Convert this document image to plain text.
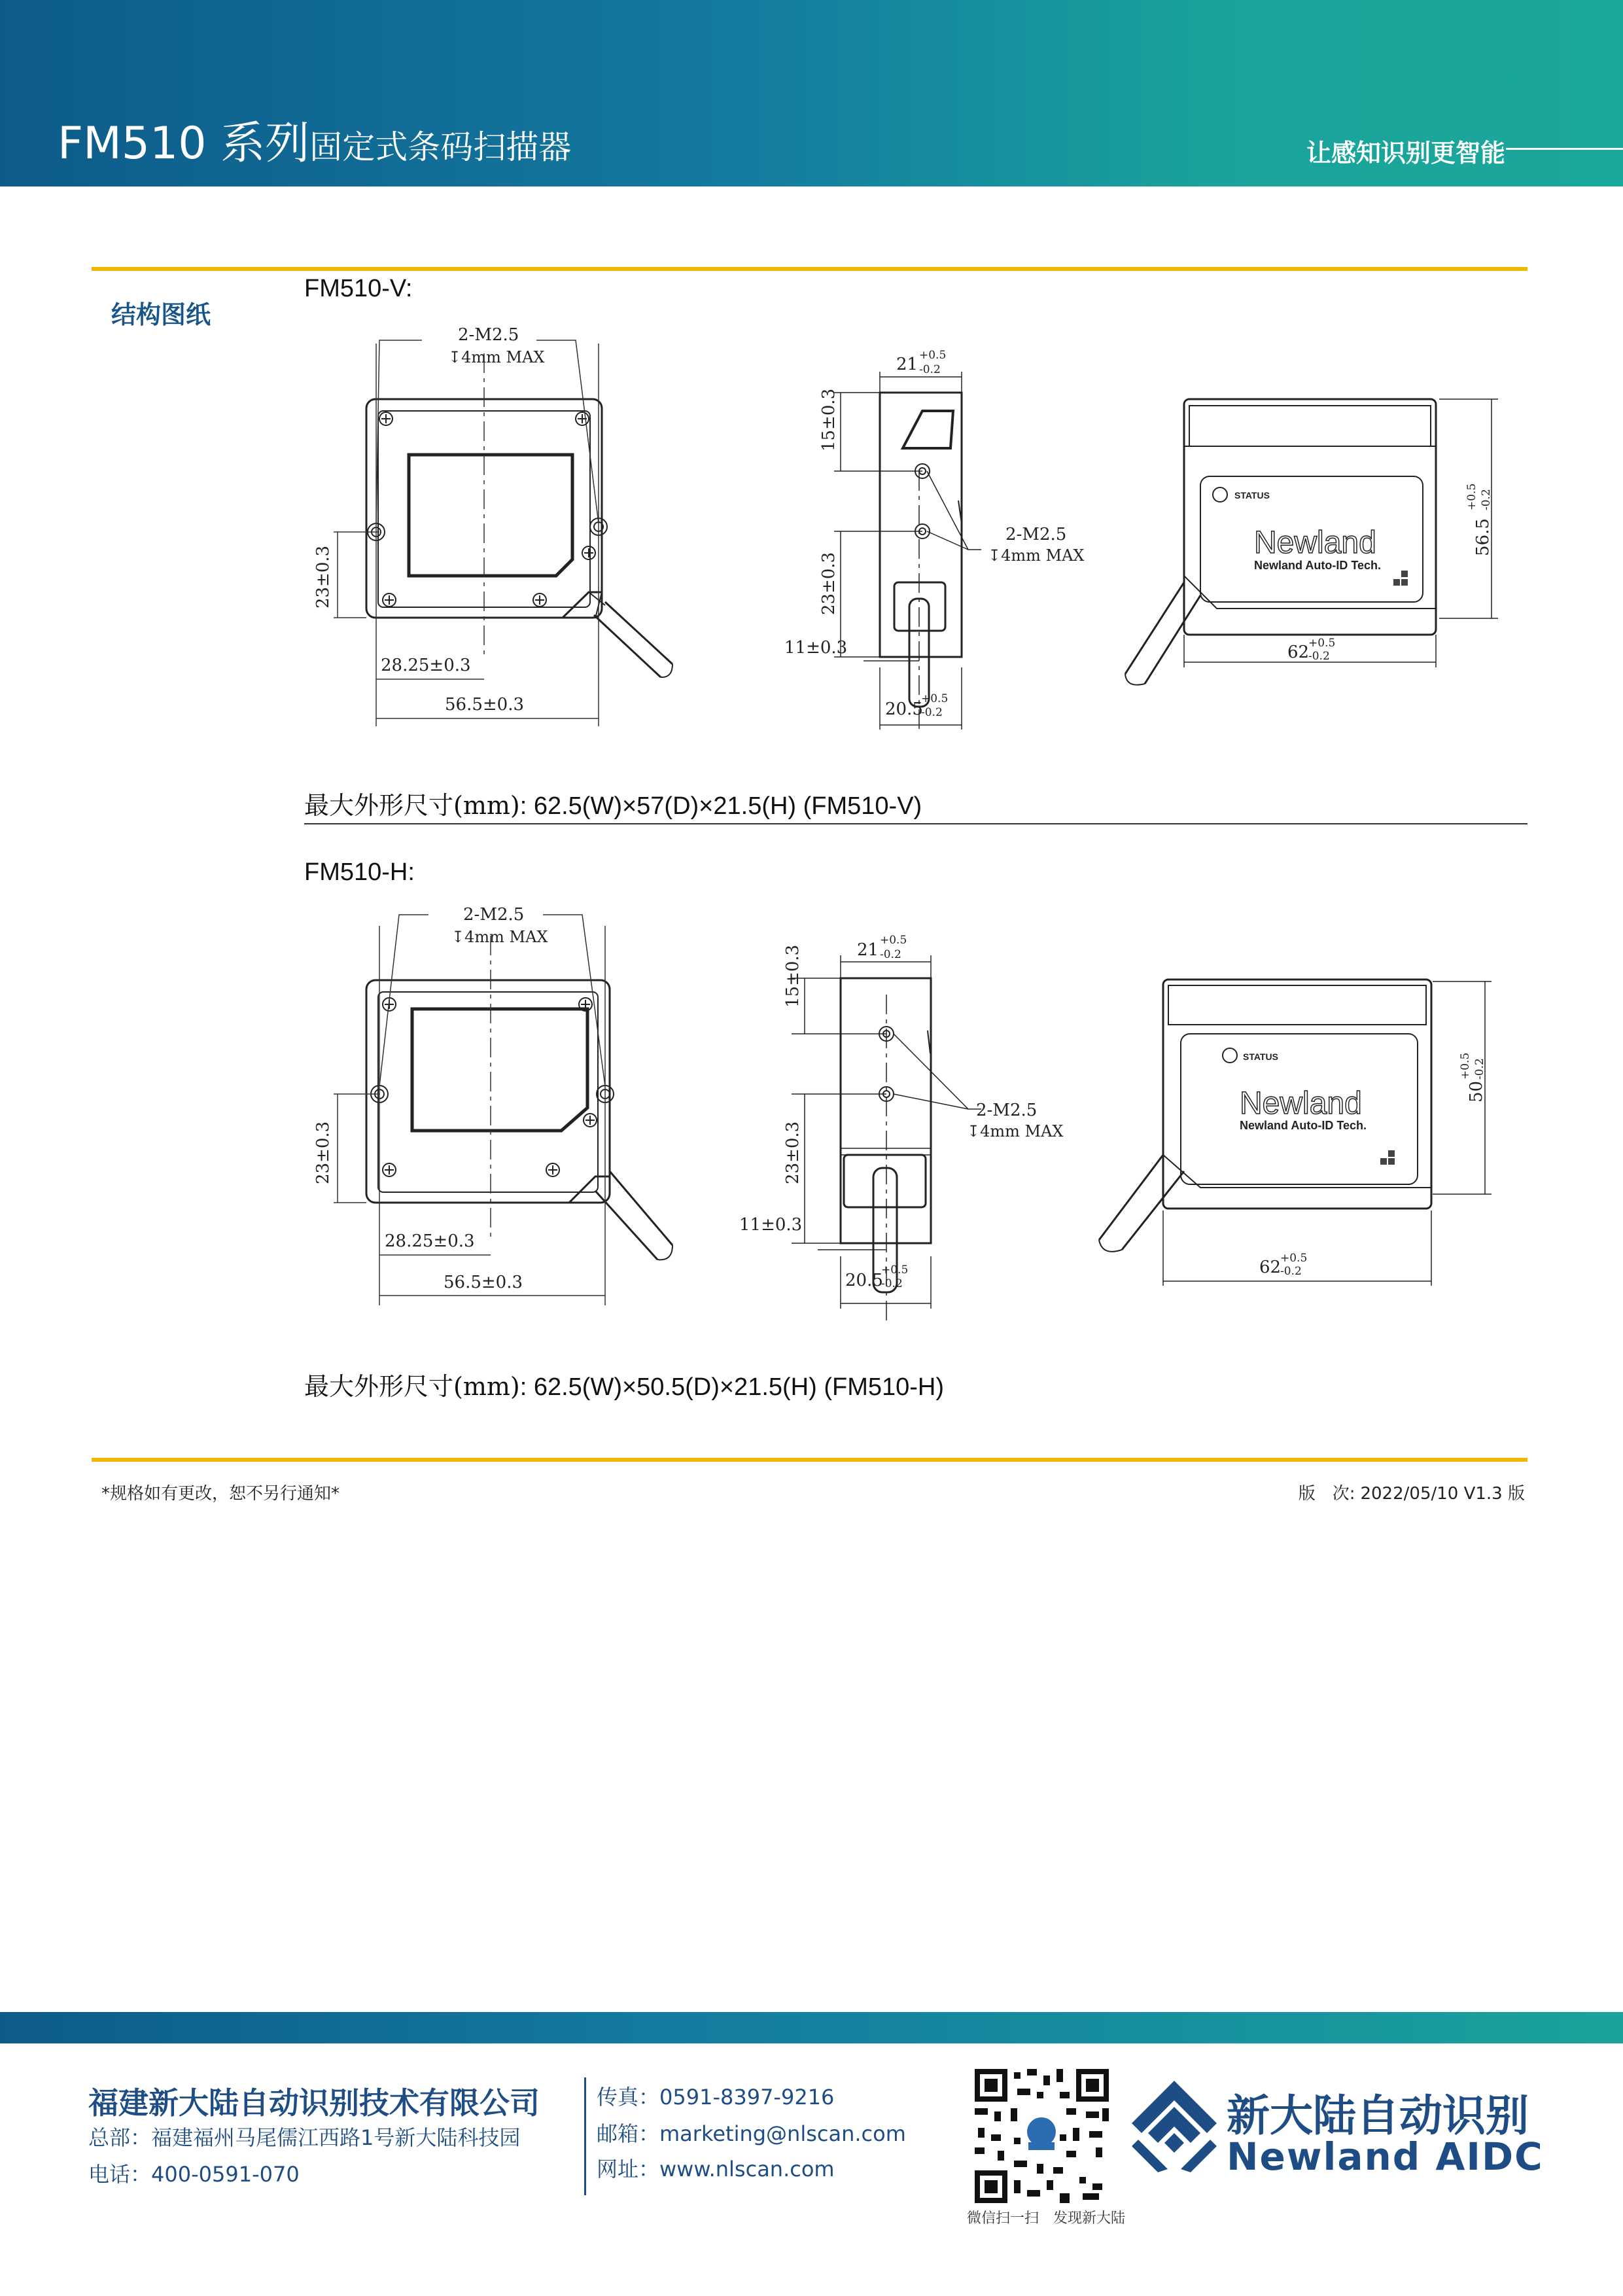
FM510 系列固定式条码扫描器	让感知识别更智能
结构图纸
FM510-V:
2-M2.5
↧4mm MAX
23±0.3
28.25±0.3
56.5±0.3
21 +0.5
-0.2
15±0.3
23±0.3
2-M2.5
↧4mm MAX
11±0.3
20.5
+0.5
-0.2
STATUS
Newland
Newland Auto-ID Tech.
56.5
+0.5 -0.2
62
+0.5
-0.2
最大外形尺寸(mm): 62.5(W)×57(D)×21.5(H) (FM510-V)
FM510-H:
2-M2.5
↧4mm MAX
23±0.3
28.25±0.3
56.5±0.3
21 +0.5
-0.2
15±0.3
23±0.3
2-M2.5
↧4mm MAX
11±0.3
20.5
+0.5
-0.2
STATUS
Newland
Newland Auto-ID Tech.
50
+0.5 -0.2
62
+0.5
-0.2
最大外形尺寸(mm): 62.5(W)×50.5(D)×21.5(H) (FM510-H)
*规格如有更改，恕不另行通知*	版　次: 2022/05/10 V1.3 版
福建新大陆自动识别技术有限公司
总部：福建福州马尾儒江西路1号新大陆科技园
电话：400-0591-070
传真：0591-8397-9216
邮箱：marketing@nlscan.com
网址：www.nlscan.com
微信扫一扫　发现新大陆
新大陆自动识别
Newland AIDC
